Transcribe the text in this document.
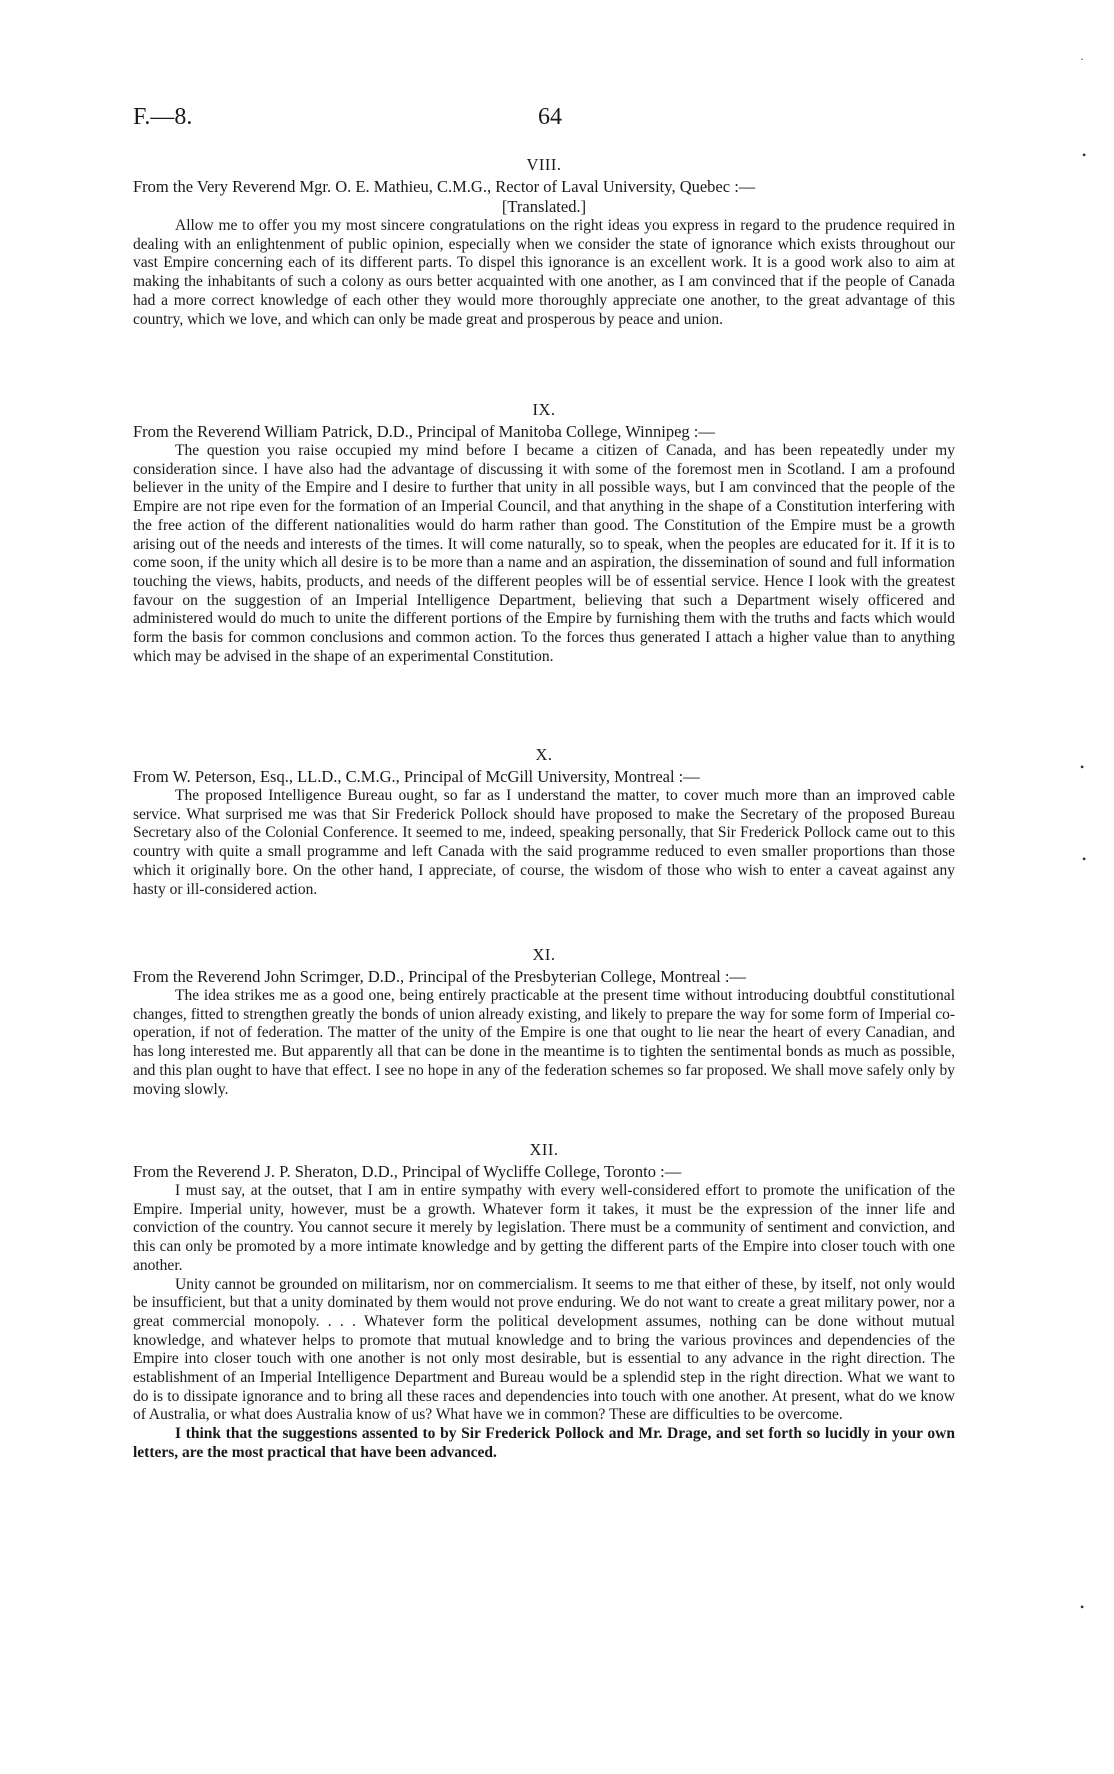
F.—8.	64
VIII.

From the Very Reverend Mgr. O. E. Mathieu, C.M.G., Rector of Laval University, Quebec :—

[Translated.]

Allow me to offer you my most sincere congratulations on the right ideas you express in regard to the prudence required in dealing with an enlightenment of public opinion, especially when we consider the state of ignorance which exists throughout our vast Empire concerning each of its different parts. To dispel this ignorance is an excellent work. It is a good work also to aim at making the inhabitants of such a colony as ours better acquainted with one another, as I am convinced that if the people of Canada had a more correct knowledge of each other they would more thoroughly appreciate one another, to the great advantage of this country, which we love, and which can only be made great and prosperous by peace and union.

IX.

From the Reverend William Patrick, D.D., Principal of Manitoba College, Winnipeg :—

The question you raise occupied my mind before I became a citizen of Canada, and has been repeatedly under my consideration since. I have also had the advantage of discussing it with some of the foremost men in Scotland. I am a profound believer in the unity of the Empire and I desire to further that unity in all possible ways, but I am convinced that the people of the Empire are not ripe even for the formation of an Imperial Council, and that anything in the shape of a Constitution interfering with the free action of the different nationalities would do harm rather than good. The Constitution of the Empire must be a growth arising out of the needs and interests of the times. It will come naturally, so to speak, when the peoples are educated for it. If it is to come soon, if the unity which all desire is to be more than a name and an aspiration, the dissemination of sound and full information touching the views, habits, products, and needs of the different peoples will be of essential service. Hence I look with the greatest favour on the suggestion of an Imperial Intelligence Department, believing that such a Department wisely officered and administered would do much to unite the different portions of the Empire by furnishing them with the truths and facts which would form the basis for common conclusions and common action. To the forces thus generated I attach a higher value than to anything which may be advised in the shape of an experimental Constitution.

X.

From W. Peterson, Esq., LL.D., C.M.G., Principal of McGill University, Montreal :—

The proposed Intelligence Bureau ought, so far as I understand the matter, to cover much more than an improved cable service. What surprised me was that Sir Frederick Pollock should have proposed to make the Secretary of the proposed Bureau Secretary also of the Colonial Conference. It seemed to me, indeed, speaking personally, that Sir Frederick Pollock came out to this country with quite a small programme and left Canada with the said programme reduced to even smaller proportions than those which it originally bore. On the other hand, I appreciate, of course, the wisdom of those who wish to enter a caveat against any hasty or ill-considered action.

XI.

From the Reverend John Scrimger, D.D., Principal of the Presbyterian College, Montreal :—

The idea strikes me as a good one, being entirely practicable at the present time without introducing doubtful constitutional changes, fitted to strengthen greatly the bonds of union already existing, and likely to prepare the way for some form of Imperial co-operation, if not of federation. The matter of the unity of the Empire is one that ought to lie near the heart of every Canadian, and has long interested me. But apparently all that can be done in the meantime is to tighten the sentimental bonds as much as possible, and this plan ought to have that effect. I see no hope in any of the federation schemes so far proposed. We shall move safely only by moving slowly.

XII.

From the Reverend J. P. Sheraton, D.D., Principal of Wycliffe College, Toronto :—

I must say, at the outset, that I am in entire sympathy with every well-considered effort to promote the unification of the Empire. Imperial unity, however, must be a growth. Whatever form it takes, it must be the expression of the inner life and conviction of the country. You cannot secure it merely by legislation. There must be a community of sentiment and conviction, and this can only be promoted by a more intimate knowledge and by getting the different parts of the Empire into closer touch with one another.

Unity cannot be grounded on militarism, nor on commercialism. It seems to me that either of these, by itself, not only would be insufficient, but that a unity dominated by them would not prove enduring. We do not want to create a great military power, nor a great commercial monopoly. . . . Whatever form the political development assumes, nothing can be done without mutual knowledge, and whatever helps to promote that mutual knowledge and to bring the various provinces and dependencies of the Empire into closer touch with one another is not only most desirable, but is essential to any advance in the right direction. The establishment of an Imperial Intelligence Department and Bureau would be a splendid step in the right direction. What we want to do is to dissipate ignorance and to bring all these races and dependencies into touch with one another. At present, what do we know of Australia, or what does Australia know of us? What have we in common? These are difficulties to be overcome.

I think that the suggestions assented to by Sir Frederick Pollock and Mr. Drage, and set forth so lucidly in your own letters, are the most practical that have been advanced.

·
•
•
•
•
